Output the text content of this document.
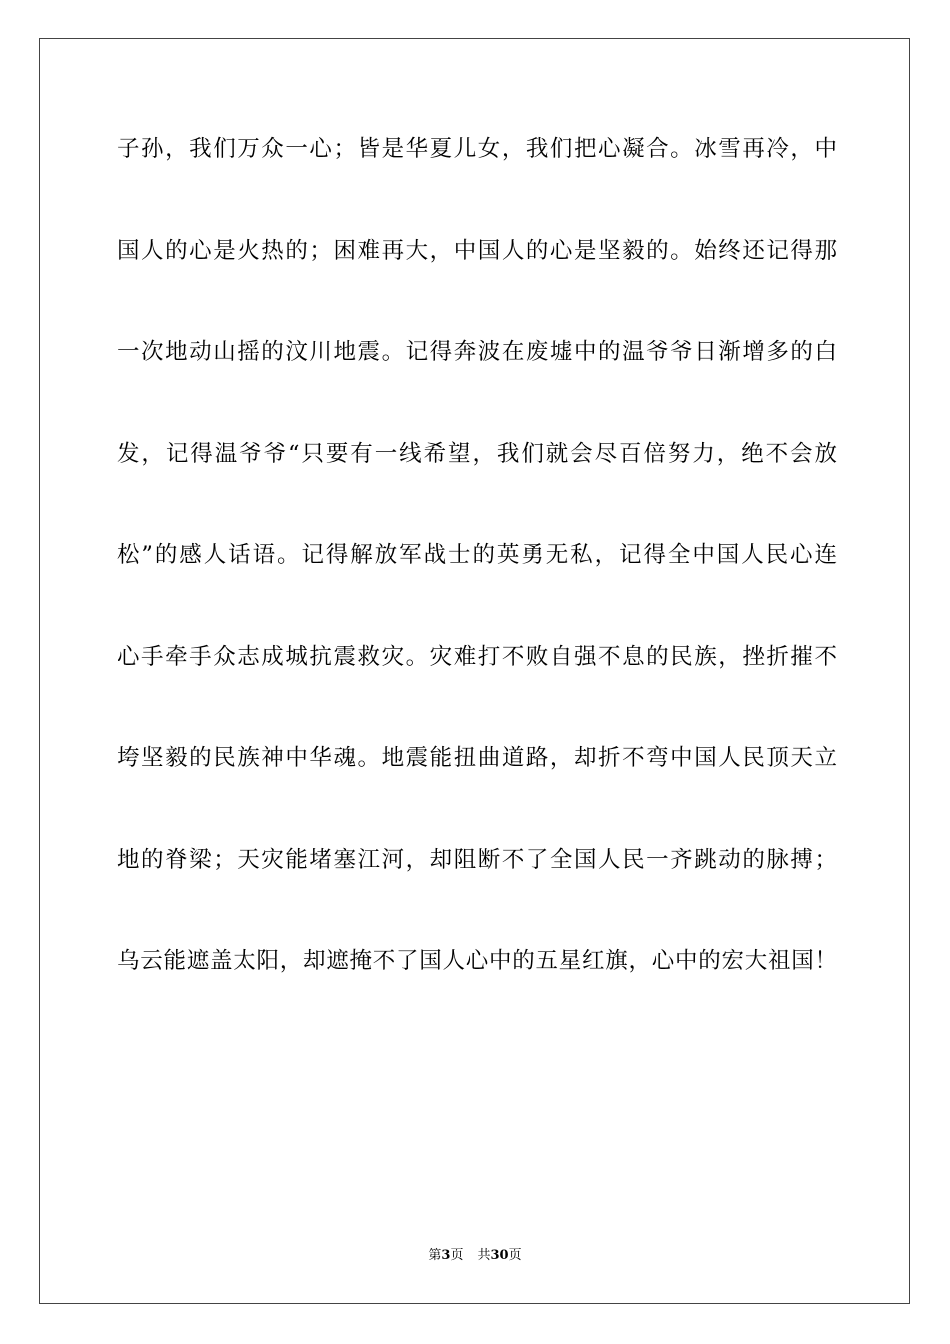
子孙，我们万众一心；皆是华夏儿女，我们把心凝合。冰雪再冷，中
国人的心是火热的；困难再大，中国人的心是坚毅的。始终还记得那
一次地动山摇的汶川地震。记得奔波在废墟中的温爷爷日渐增多的白
发，记得温爷爷“只要有一线希望，我们就会尽百倍努力，绝不会放
松”的感人话语。记得解放军战士的英勇无私，记得全中国人民心连
心手牵手众志成城抗震救灾。灾难打不败自强不息的民族，挫折摧不
垮坚毅的民族神中华魂。地震能扭曲道路，却折不弯中国人民顶天立
地的脊梁；天灾能堵塞江河，却阻断不了全国人民一齐跳动的脉搏；
乌云能遮盖太阳，却遮掩不了国人心中的五星红旗，心中的宏大祖国！
第3页 共30页
